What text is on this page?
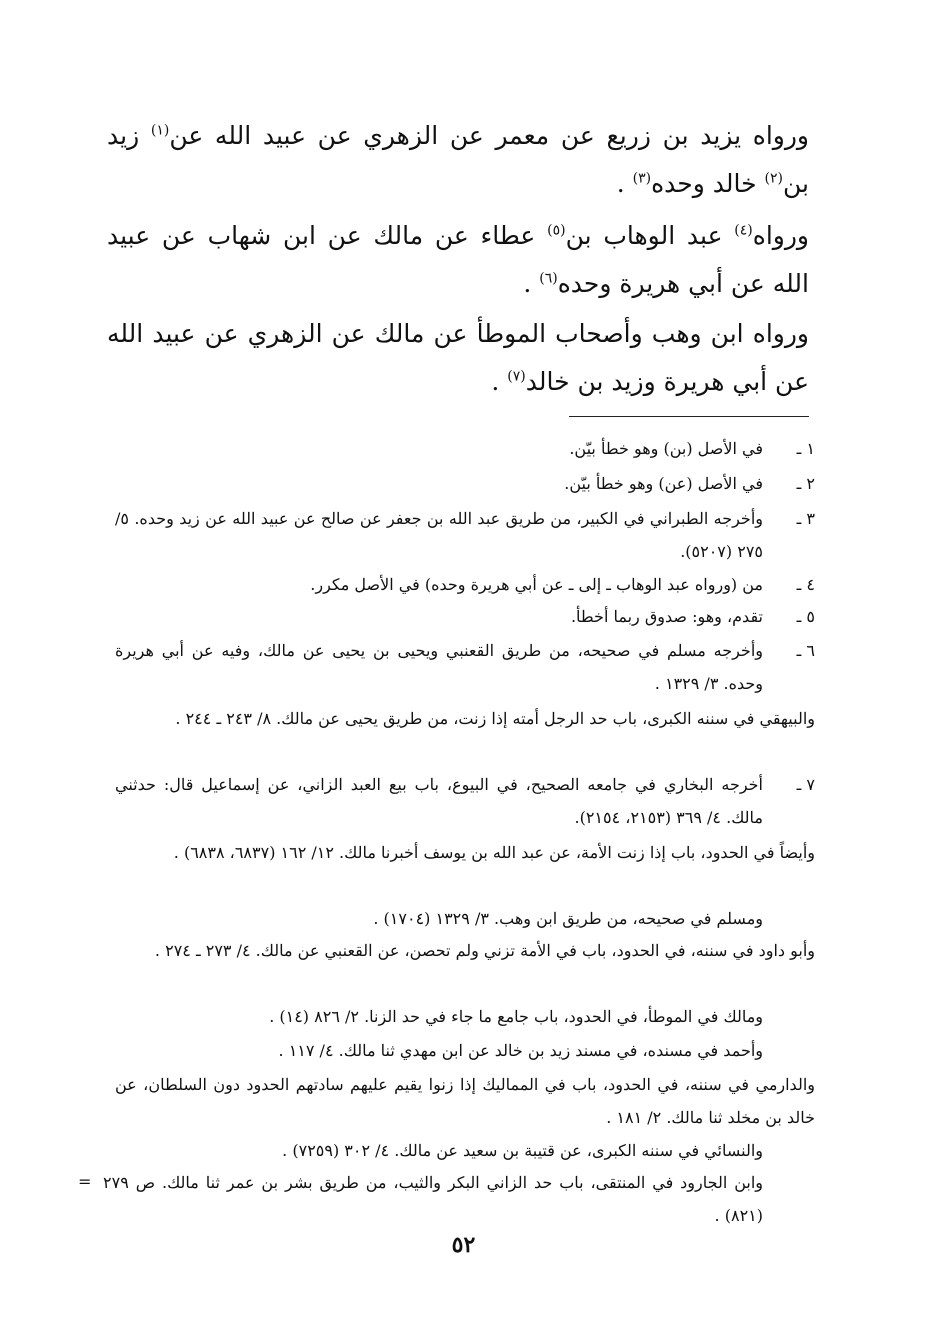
ورواه يزيد بن زريع عن معمر عن الزهري عن عبيد الله عن$^{(١)}$ زيد بن$^{(٢)}$ خالد وحده$^{(٣)}$ .

ورواه$^{(٤)}$ عبد الوهاب بن$^{(٥)}$ عطاء عن مالك عن ابن شهاب عن عبيد الله عن أبي هريرة وحده$^{(٦)}$ .

ورواه ابن وهب وأصحاب الموطأ عن مالك عن الزهري عن عبيد الله عن أبي هريرة وزيد بن خالد$^{(٧)}$ .

١ ـ
في الأصل (بن) وهو خطأ بيّن.
٢ ـ
في الأصل (عن) وهو خطأ بيّن.
٣ ـ
وأخرجه الطبراني في الكبير، من طريق عبد الله بن جعفر عن صالح عن عبيد الله عن زيد وحده. ٥/ ٢٧٥ (٥٢٠٧).
٤ ـ
من (ورواه عبد الوهاب ـ إلى ـ عن أبي هريرة وحده) في الأصل مكرر.
٥ ـ
تقدم، وهو: صدوق ربما أخطأ.
٦ ـ
وأخرجه مسلم في صحيحه، من طريق القعنبي ويحيى بن يحيى عن مالك، وفيه عن أبي هريرة وحده. ٣/ ١٣٢٩ .
والبيهقي في سننه الكبرى، باب حد الرجل أمته إذا زنت، من طريق يحيى عن مالك. ٨/ ٢٤٣ ـ ٢٤٤ .
٧ ـ
أخرجه البخاري في جامعه الصحيح، في البيوع، باب بيع العبد الزاني، عن إسماعيل قال: حدثني مالك. ٤/ ٣٦٩ (٢١٥٣، ٢١٥٤).
وأيضاً في الحدود، باب إذا زنت الأمة، عن عبد الله بن يوسف أخبرنا مالك. ١٢/ ١٦٢ (٦٨٣٧، ٦٨٣٨) .
ومسلم في صحيحه، من طريق ابن وهب. ٣/ ١٣٢٩ (١٧٠٤) .
وأبو داود في سننه، في الحدود، باب في الأمة تزني ولم تحصن، عن القعنبي عن مالك. ٤/ ٢٧٣ ـ ٢٧٤ .
ومالك في الموطأ، في الحدود، باب جامع ما جاء في حد الزنا. ٢/ ٨٢٦ (١٤) .
وأحمد في مسنده، في مسند زيد بن خالد عن ابن مهدي ثنا مالك. ٤/ ١١٧ .
والدارمي في سننه، في الحدود، باب في المماليك إذا زنوا يقيم عليهم سادتهم الحدود دون السلطان، عن خالد بن مخلد ثنا مالك. ٢/ ١٨١ .
والنسائي في سننه الكبرى، عن قتيبة بن سعيد عن مالك. ٤/ ٣٠٢ (٧٢٥٩) .
وابن الجارود في المنتقى، باب حد الزاني البكر والثيب، من طريق بشر بن عمر ثنا مالك. ص ٢٧٩ (٨٢١) .
=
٥٢
